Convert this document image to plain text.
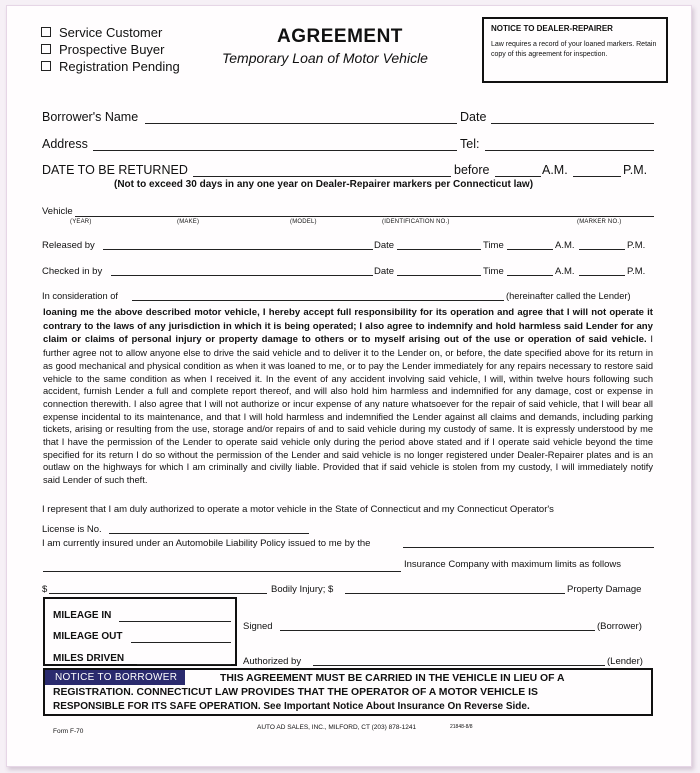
Service Customer
Prospective Buyer
Registration Pending
AGREEMENT
Temporary Loan of Motor Vehicle
NOTICE TO DEALER-REPAIRER
Law requires a record of your loaned markers. Retain copy of this agreement for inspection.
Borrower's Name	Date
Address	Tel:
DATE TO BE RETURNED	before	A.M.	P.M.
(Not to exceed 30 days in any one year on Dealer-Repairer markers per Connecticut law)
Vehicle
(YEAR)	(MAKE)	(MODEL)	(IDENTIFICATION NO.)	(MARKER NO.)
Released by	Date	Time	A.M.	P.M.
Checked in by	Date	Time	A.M.	P.M.
In consideration of	(hereinafter called the Lender)
loaning me the above described motor vehicle, I hereby accept full responsibility for its operation and agree that I will not operate it contrary to the laws of any jurisdiction in which it is being operated; I also agree to indemnify and hold harmless said Lender for any claim or claims of personal injury or property damage to others or to myself arising out of the use or operation of said vehicle. I further agree not to allow anyone else to drive the said vehicle and to deliver it to the Lender on, or before, the date specified above for its return in as good mechanical and physical condition as when it was loaned to me, or to pay the Lender immediately for any repairs necessary to restore said vehicle to the same condition as when I received it. In the event of any accident involving said vehicle, I will, within twelve hours following such accident, furnish Lender a full and complete report thereof, and will also hold him harmless and indemnified for any damage, cost or expense in connection therewith. I also agree that I will not authorize or incur expense of any nature whatsoever for the repair of said vehicle, that I will bear all expense incidental to its maintenance, and that I will hold harmless and indemnified the Lender against all claims and demands, including parking tickets, arising or resulting from the use, storage and/or repairs of and to said vehicle during my custody of same. It is expressly understood by me that I have the permission of the Lender to operate said vehicle only during the period above stated and if I operate said vehicle beyond the time specified for its return I do so without the permission of the Lender and said vehicle is no longer registered under Dealer-Repairer plates and is an outlaw on the highways for which I am criminally and civilly liable. Provided that if said vehicle is stolen from my custody, I will immediately notify said Lender of such theft.
I represent that I am duly authorized to operate a motor vehicle in the State of Connecticut and my Connecticut Operator's
License is No.
I am currently insured under an Automobile Liability Policy issued to me by the
Insurance Company with maximum limits as follows
$	Bodily Injury; $	Property Damage
MILEAGE IN
MILEAGE OUT
MILES DRIVEN
Signed	(Borrower)
Authorized by	(Lender)
NOTICE TO BORROWER	THIS AGREEMENT MUST BE CARRIED IN THE VEHICLE IN LIEU OF A
REGISTRATION. CONNECTICUT LAW PROVIDES THAT THE OPERATOR OF A MOTOR VEHICLE IS
RESPONSIBLE FOR ITS SAFE OPERATION. See Important Notice About Insurance On Reverse Side.
Form F-70
AUTO AD SALES, INC., MILFORD, CT (203) 878-1241	21848-8/8
